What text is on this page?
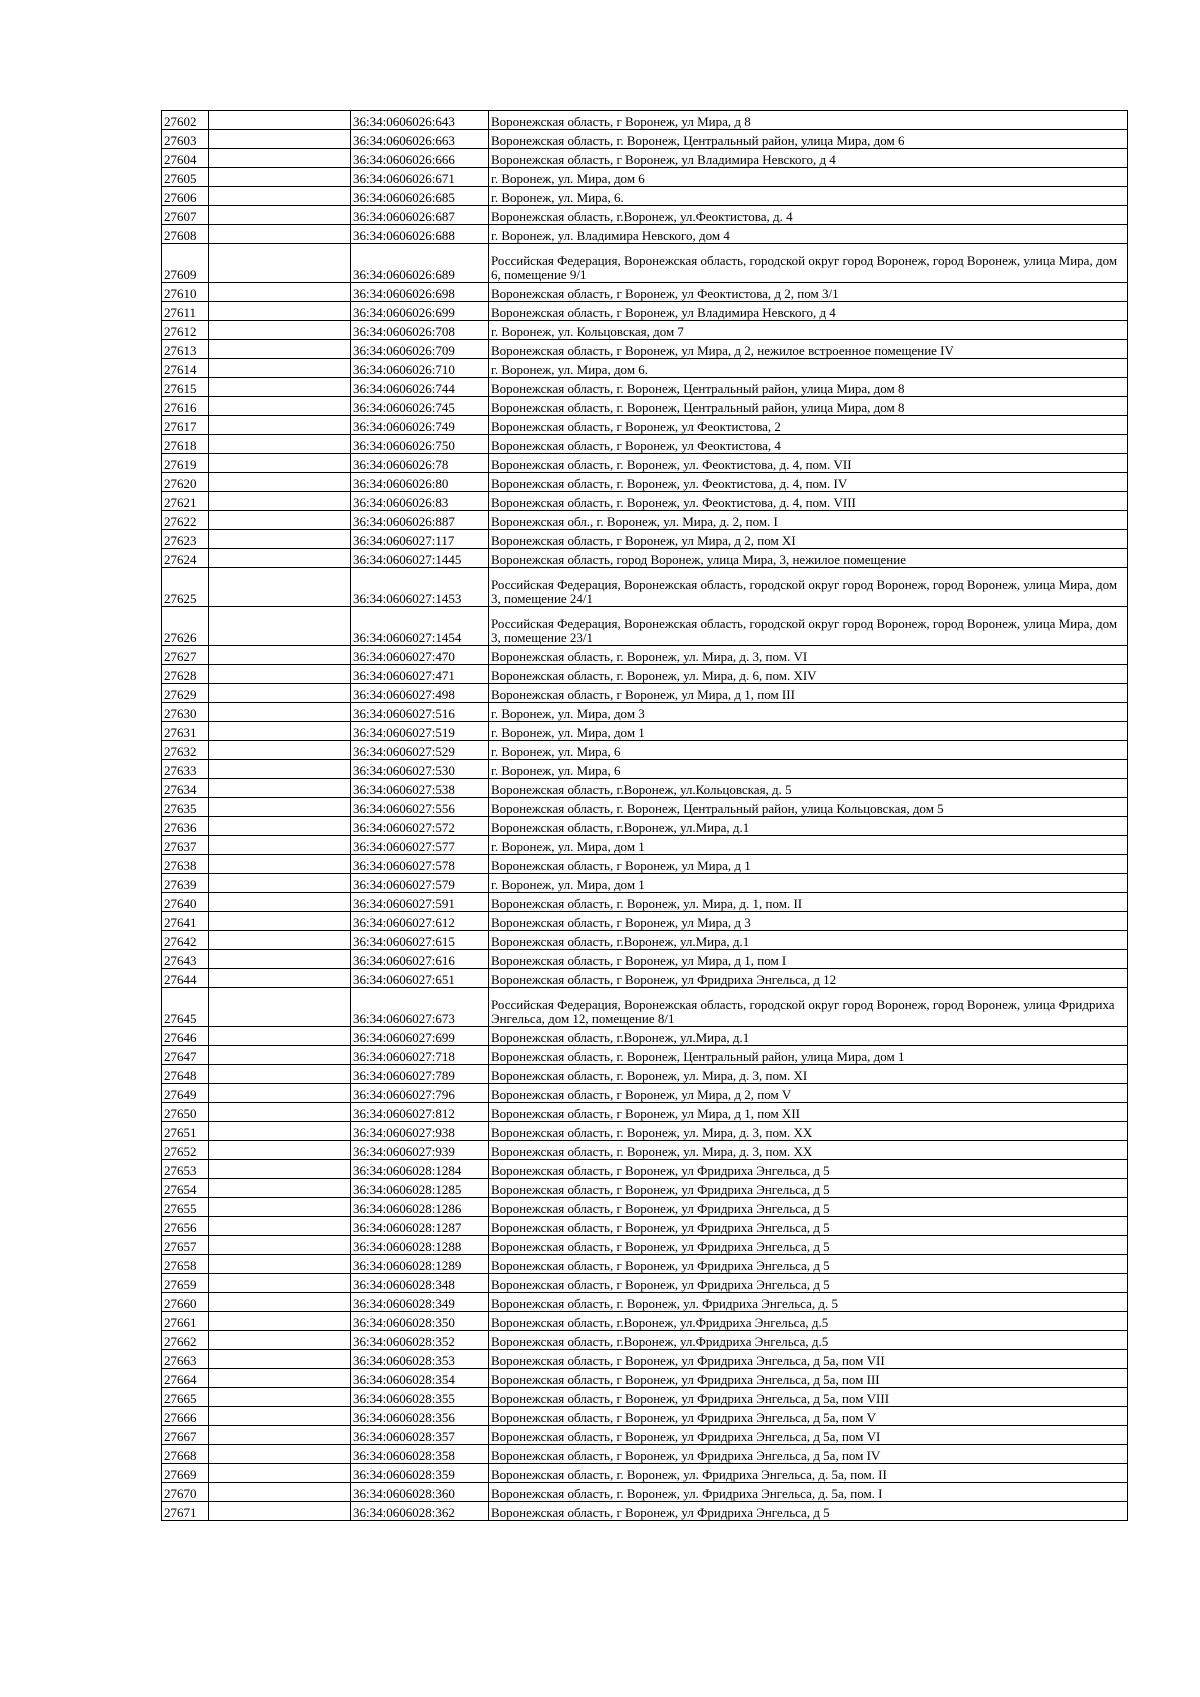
27602		36:34:0606026:643	Воронежская область, г Воронеж, ул Мира, д 8
27603		36:34:0606026:663	Воронежская область, г. Воронеж, Центральный район, улица Мира, дом 6
27604		36:34:0606026:666	Воронежская область, г Воронеж, ул Владимира Невского, д 4
27605		36:34:0606026:671	г. Воронеж, ул. Мира, дом 6
27606		36:34:0606026:685	г. Воронеж, ул. Мира, 6.
27607		36:34:0606026:687	Воронежская область, г.Воронеж, ул.Феоктистова, д. 4
27608		36:34:0606026:688	г. Воронеж, ул. Владимира Невского, дом 4
27609		36:34:0606026:689	Российская Федерация, Воронежская область, городской округ город Воронеж, город Воронеж, улица Мира, дом 6, помещение 9/1
27610		36:34:0606026:698	Воронежская область, г Воронеж, ул Феоктистова, д 2, пом 3/1
27611		36:34:0606026:699	Воронежская область, г Воронеж, ул Владимира Невского, д 4
27612		36:34:0606026:708	г. Воронеж, ул. Кольцовская, дом 7
27613		36:34:0606026:709	Воронежская область, г Воронеж, ул Мира, д 2, нежилое встроенное помещение IV
27614		36:34:0606026:710	г. Воронеж, ул. Мира, дом 6.
27615		36:34:0606026:744	Воронежская область, г. Воронеж, Центральный район, улица Мира, дом 8
27616		36:34:0606026:745	Воронежская область, г. Воронеж, Центральный район, улица Мира, дом 8
27617		36:34:0606026:749	Воронежская область, г Воронеж, ул Феоктистова, 2
27618		36:34:0606026:750	Воронежская область, г Воронеж, ул Феоктистова, 4
27619		36:34:0606026:78	Воронежская область, г. Воронеж, ул. Феоктистова, д. 4, пом. VII
27620		36:34:0606026:80	Воронежская область, г. Воронеж, ул. Феоктистова, д. 4, пом. IV
27621		36:34:0606026:83	Воронежская область, г. Воронеж, ул. Феоктистова, д. 4, пом. VIII
27622		36:34:0606026:887	Воронежская обл., г. Воронеж, ул. Мира, д. 2, пом. I
27623		36:34:0606027:117	Воронежская область, г Воронеж, ул Мира, д 2, пом XI
27624		36:34:0606027:1445	Воронежская область, город Воронеж, улица Мира, 3, нежилое помещение
27625		36:34:0606027:1453	Российская Федерация, Воронежская область, городской округ город Воронеж, город Воронеж, улица Мира, дом 3, помещение 24/1
27626		36:34:0606027:1454	Российская Федерация, Воронежская область, городской округ город Воронеж, город Воронеж, улица Мира, дом 3, помещение 23/1
27627		36:34:0606027:470	Воронежская область, г. Воронеж, ул. Мира, д. 3, пом. VI
27628		36:34:0606027:471	Воронежская область, г. Воронеж, ул. Мира, д. 6, пом. XIV
27629		36:34:0606027:498	Воронежская область, г Воронеж, ул Мира, д 1, пом III
27630		36:34:0606027:516	г. Воронеж, ул. Мира, дом 3
27631		36:34:0606027:519	г. Воронеж, ул. Мира, дом 1
27632		36:34:0606027:529	г. Воронеж, ул. Мира, 6
27633		36:34:0606027:530	г. Воронеж, ул. Мира, 6
27634		36:34:0606027:538	Воронежская область, г.Воронеж, ул.Кольцовская, д. 5
27635		36:34:0606027:556	Воронежская область, г. Воронеж, Центральный район, улица Кольцовская, дом 5
27636		36:34:0606027:572	Воронежская область, г.Воронеж, ул.Мира, д.1
27637		36:34:0606027:577	г. Воронеж, ул. Мира, дом 1
27638		36:34:0606027:578	Воронежская область, г Воронеж, ул Мира, д 1
27639		36:34:0606027:579	г. Воронеж, ул. Мира, дом 1
27640		36:34:0606027:591	Воронежская область, г. Воронеж, ул. Мира, д. 1, пом. II
27641		36:34:0606027:612	Воронежская область, г Воронеж, ул Мира, д 3
27642		36:34:0606027:615	Воронежская область, г.Воронеж, ул.Мира, д.1
27643		36:34:0606027:616	Воронежская область, г Воронеж, ул Мира, д 1, пом I
27644		36:34:0606027:651	Воронежская область, г Воронеж, ул Фридриха Энгельса, д 12
27645		36:34:0606027:673	Российская Федерация, Воронежская область, городской округ город Воронеж, город Воронеж, улица Фридриха Энгельса, дом 12, помещение 8/1
27646		36:34:0606027:699	Воронежская область, г.Воронеж, ул.Мира, д.1
27647		36:34:0606027:718	Воронежская область, г. Воронеж, Центральный район, улица Мира, дом 1
27648		36:34:0606027:789	Воронежская область, г. Воронеж, ул. Мира, д. 3, пом. XI
27649		36:34:0606027:796	Воронежская область, г Воронеж, ул Мира, д 2, пом V
27650		36:34:0606027:812	Воронежская область, г Воронеж, ул Мира, д 1, пом XII
27651		36:34:0606027:938	Воронежская область, г. Воронеж, ул. Мира, д. 3, пом. XX
27652		36:34:0606027:939	Воронежская область, г. Воронеж, ул. Мира, д. 3, пом. XX
27653		36:34:0606028:1284	Воронежская область, г Воронеж, ул Фридриха Энгельса, д 5
27654		36:34:0606028:1285	Воронежская область, г Воронеж, ул Фридриха Энгельса, д 5
27655		36:34:0606028:1286	Воронежская область, г Воронеж, ул Фридриха Энгельса, д 5
27656		36:34:0606028:1287	Воронежская область, г Воронеж, ул Фридриха Энгельса, д 5
27657		36:34:0606028:1288	Воронежская область, г Воронеж, ул Фридриха Энгельса, д 5
27658		36:34:0606028:1289	Воронежская область, г Воронеж, ул Фридриха Энгельса, д 5
27659		36:34:0606028:348	Воронежская область, г Воронеж, ул Фридриха Энгельса, д 5
27660		36:34:0606028:349	Воронежская область, г. Воронеж, ул. Фридриха Энгельса, д. 5
27661		36:34:0606028:350	Воронежская область, г.Воронеж, ул.Фридриха Энгельса, д.5
27662		36:34:0606028:352	Воронежская область, г.Воронеж, ул.Фридриха Энгельса, д.5
27663		36:34:0606028:353	Воронежская область, г Воронеж, ул Фридриха Энгельса, д 5а, пом VII
27664		36:34:0606028:354	Воронежская область, г Воронеж, ул Фридриха Энгельса, д 5а, пом III
27665		36:34:0606028:355	Воронежская область, г Воронеж, ул Фридриха Энгельса, д 5а, пом VIII
27666		36:34:0606028:356	Воронежская область, г Воронеж, ул Фридриха Энгельса, д 5а, пом V
27667		36:34:0606028:357	Воронежская область, г Воронеж, ул Фридриха Энгельса, д 5а, пом VI
27668		36:34:0606028:358	Воронежская область, г Воронеж, ул Фридриха Энгельса, д 5а, пом IV
27669		36:34:0606028:359	Воронежская область, г. Воронеж, ул. Фридриха Энгельса, д. 5а, пом. II
27670		36:34:0606028:360	Воронежская область, г. Воронеж, ул. Фридриха Энгельса, д. 5а, пом. I
27671		36:34:0606028:362	Воронежская область, г Воронеж, ул Фридриха Энгельса, д 5
